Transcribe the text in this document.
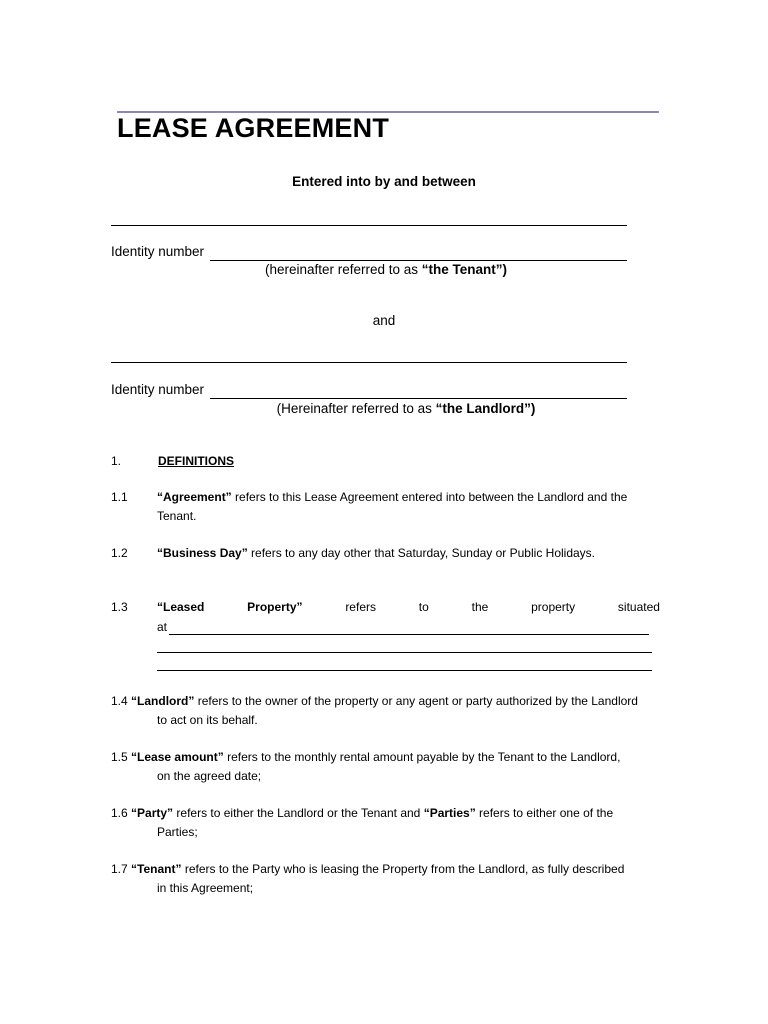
LEASE AGREEMENT
Entered into by and between
Identity number
(hereinafter referred to as “the Tenant”)
and
Identity number
(Hereinafter referred to as “the Landlord”)
1.	DEFINITIONS
1.1 “Agreement” refers to this Lease Agreement entered into between the Landlord and the
Tenant.
1.2 “Business Day” refers to any day other that Saturday, Sunday or Public Holidays.
1.3 “Leased	Property”	refers	to	the	property	situated
at
1.4 “Landlord” refers to the owner of the property or any agent or party authorized by the Landlord
to act on its behalf.
1.5 “Lease amount” refers to the monthly rental amount payable by the Tenant to the Landlord,
on the agreed date;
1.6 “Party” refers to either the Landlord or the Tenant and “Parties” refers to either one of the
Parties;
1.7 “Tenant” refers to the Party who is leasing the Property from the Landlord, as fully described
in this Agreement;
